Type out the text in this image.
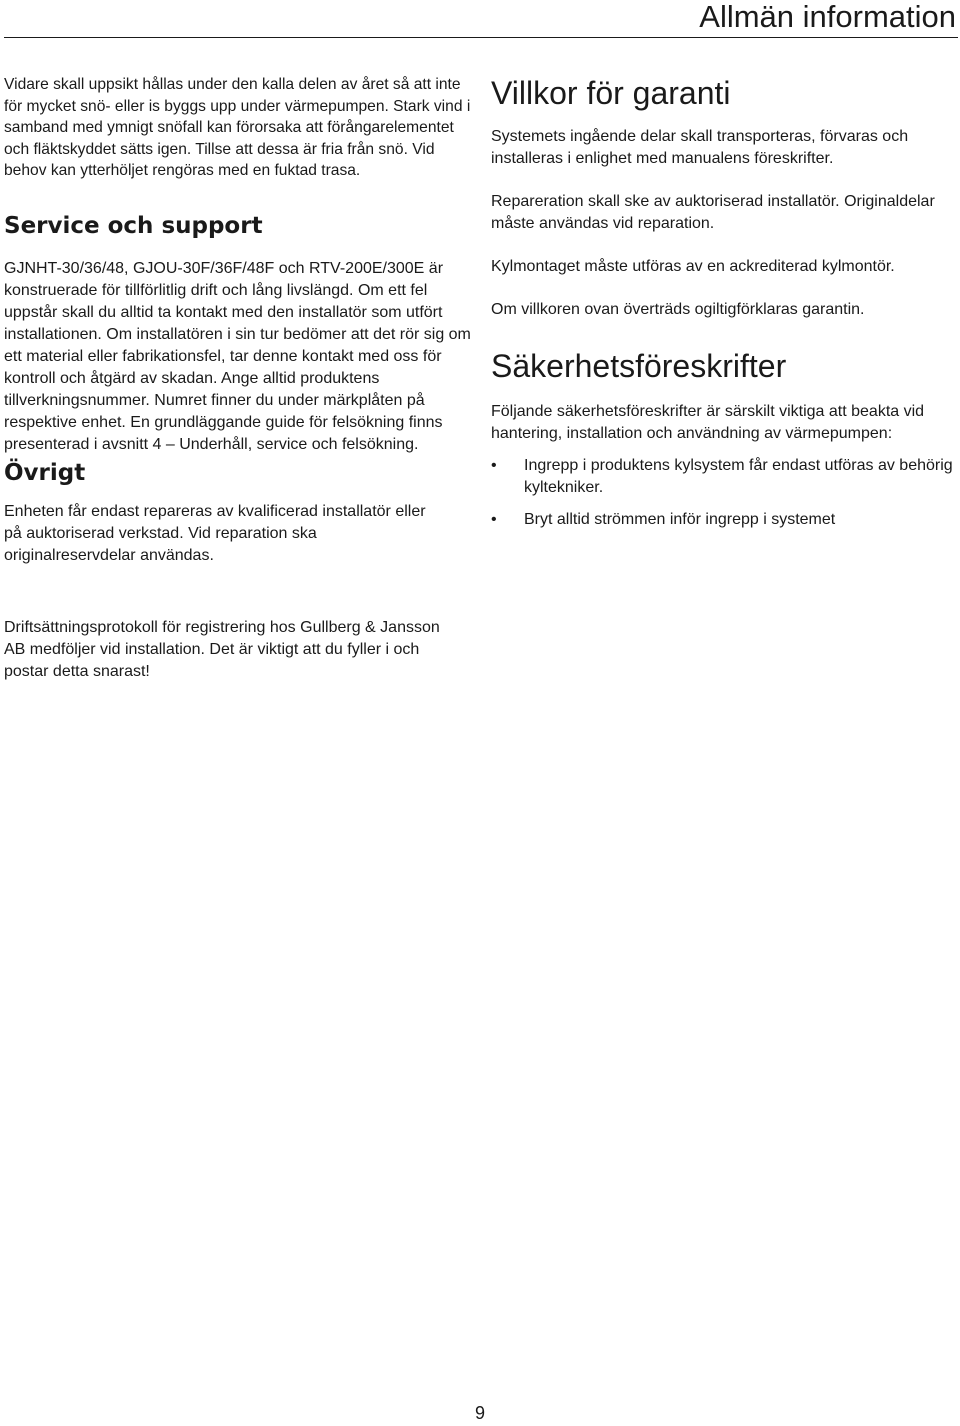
Allmän information

Vidare skall uppsikt hållas under den kalla delen av året så att inte för mycket snö- eller is byggs upp under värmepumpen. Stark vind i samband med ymnigt snöfall kan förorsaka att förångarelementet och fläktskyddet sätts igen. Tillse att dessa är fria från snö. Vid behov kan ytterhöljet rengöras med en fuktad trasa.

Service och support

GJNHT-30/36/48, GJOU-30F/36F/48F och RTV-200E/300E är konstruerade för tillförlitlig drift och lång livslängd. Om ett fel uppstår skall du alltid ta kontakt med den installatör som utfört installationen. Om installatören i sin tur bedömer att det rör sig om ett material eller fabrikationsfel, tar denne kontakt med oss för kontroll och åtgärd av skadan. Ange alltid produktens tillverkningsnummer. Numret finner du under märkplåten på respektive enhet. En grundläggande guide för felsökning finns presenterad i avsnitt 4 – Underhåll, service och felsökning.

Övrigt

Enheten får endast repareras av kvalificerad installatör eller på auktoriserad verkstad. Vid reparation ska originalreservdelar användas.

Driftsättningsprotokoll för registrering hos Gullberg & Jansson AB medföljer vid installation. Det är viktigt att du fyller i och postar detta snarast!

Villkor för garanti

Systemets ingående delar skall transporteras, förvaras och installeras i enlighet med manualens föreskrifter.

Repareration skall ske av auktoriserad installatör. Originaldelar måste användas vid reparation.

Kylmontaget måste utföras av en ackrediterad kylmontör.

Om villkoren ovan överträds ogiltigförklaras garantin.

Säkerhetsföreskrifter

Följande säkerhetsföreskrifter är särskilt viktiga att beakta vid hantering, installation och användning av värmepumpen:

• Ingrepp i produktens kylsystem får endast utföras av behörig kyltekniker.
• Bryt alltid strömmen inför ingrepp i systemet
9
